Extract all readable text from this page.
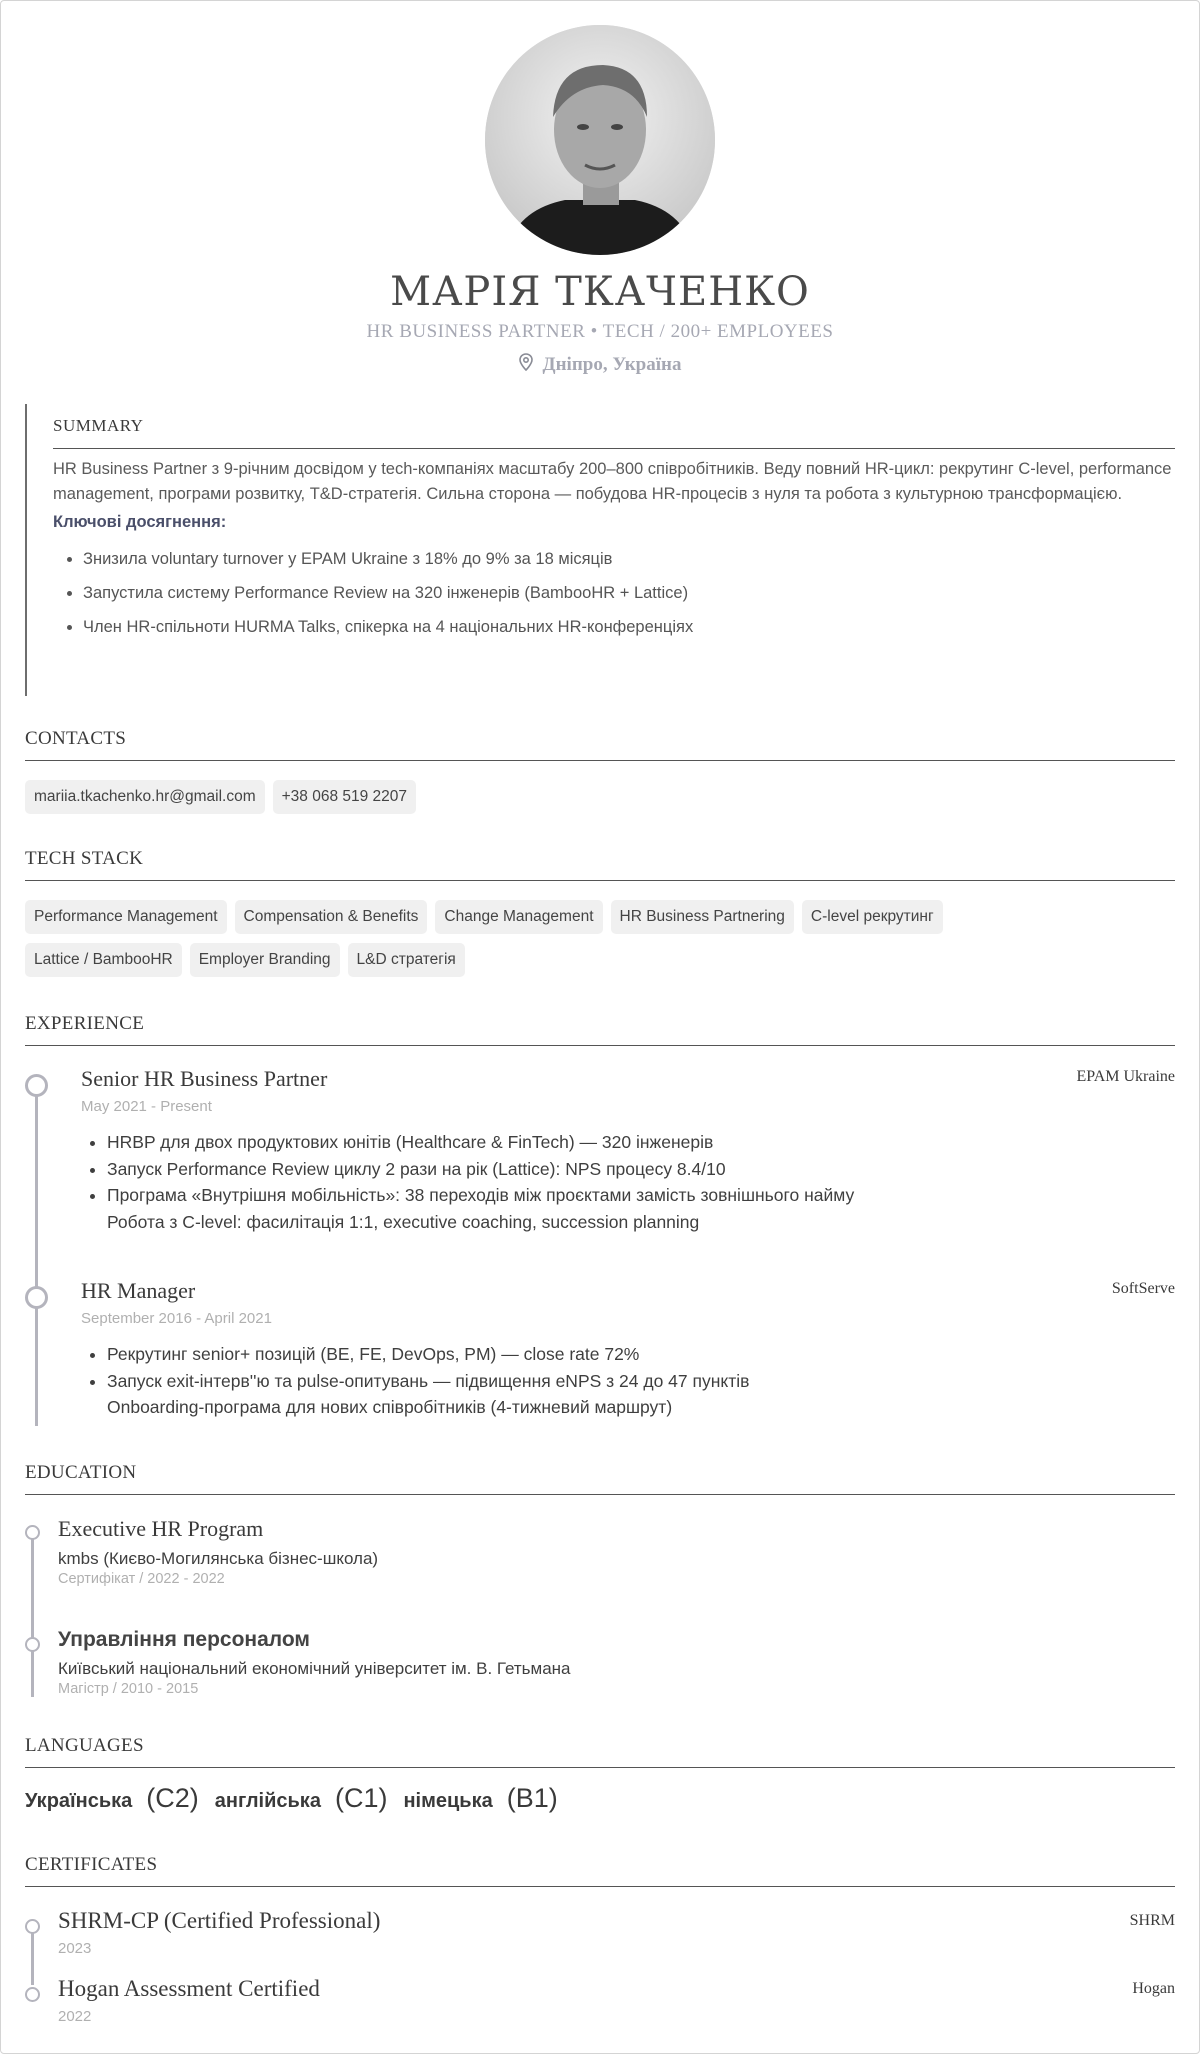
МАРІЯ ТКАЧЕНКО
HR BUSINESS PARTNER • TECH / 200+ EMPLOYEES
Дніпро, Україна
SUMMARY
HR Business Partner з 9-річним досвідом у tech-компаніях масштабу 200–800 співробітників. Веду повний HR-цикл: рекрутинг C-level, performance management, програми розвитку, T&D-стратегія. Сильна сторона — побудова HR-процесів з нуля та робота з культурною трансформацією.
Ключові досягнення:
• Знизила voluntary turnover у EPAM Ukraine з 18% до 9% за 18 місяців
• Запустила систему Performance Review на 320 інженерів (BambooHR + Lattice)
• Член HR-спільноти HURMA Talks, спікерка на 4 національних HR-конференціях
CONTACTS
mariia.tkachenko.hr@gmail.com	+38 068 519 2207
TECH STACK
Performance Management	Compensation & Benefits	Change Management	HR Business Partnering	C-level рекрутинг
Lattice / BambooHR	Employer Branding	L&D стратегія
EXPERIENCE
Senior HR Business Partner	EPAM Ukraine
May 2021 - Present
• HRBP для двох продуктових юнітів (Healthcare & FinTech) — 320 інженерів
• Запуск Performance Review циклу 2 рази на рік (Lattice): NPS процесу 8.4/10
• Програма «Внутрішня мобільність»: 38 переходів між проєктами замість зовнішнього найму
Робота з C-level: фасилітація 1:1, executive coaching, succession planning
HR Manager	SoftServe
September 2016 - April 2021
• Рекрутинг senior+ позицій (BE, FE, DevOps, PM) — close rate 72%
• Запуск exit-інтерв''ю та pulse-опитувань — підвищення eNPS з 24 до 47 пунктів
Onboarding-програма для нових співробітників (4-тижневий маршрут)
EDUCATION
Executive HR Program
kmbs (Києво-Могилянська бізнес-школа)
Сертифікат / 2022 - 2022
Управління персоналом
Київський національний економічний університет ім. В. Гетьмана
Магістр / 2010 - 2015
LANGUAGES
Українська (C2) англійська (C1) німецька (B1)
CERTIFICATES
SHRM-CP (Certified Professional)
2023
SHRM
Hogan Assessment Certified
2022
Hogan
